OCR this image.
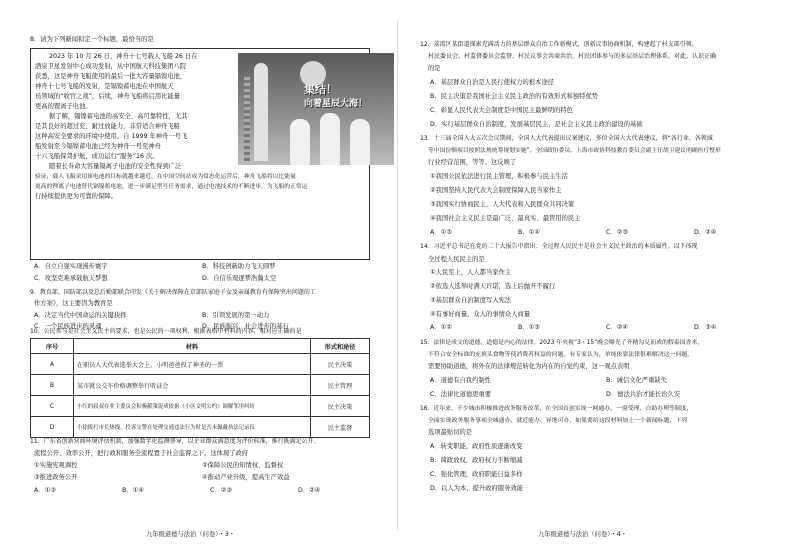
8．请为下列新闻拟定一个标题，最恰当的是
2023 年 10 月 26 日，神舟十七号载人飞船 26 日在
酒泉卫星发射中心成功发射，从中国航天科技集团八院
获悉，这是神舟飞船使用的最后一批大容量镉镍电池，
神舟十七号飞船的发射，是镉镍蓄电池在中国航天
员领域的“收官之战”，后续，神舟飞船将启用比能量
更高的锂离子电池。
据了解，镉镍蓄电池的高安全、高可靠特性，尤其
是其良好的超过充、耐过放能力，非常适合神舟飞船
这种高安全要求的环境中使用。自 1999 年神舟一号飞
船发射至今镉镍蓄电池已经为神舟一号至神舟
十六飞船保驾护航，成功运行“服务”16 次。
随着长寿命大容量镉离子电池的安全性得到广泛
验证，载人飞船采用该电池的目标就越来越近，在中国空间站成为常态化运营后，神舟飞船将以比能量
更高的锂离子电池替代镉镍蓄电池，进一步满足型号任务需求，通过电池技术的不断进步，为飞船的正常运
行持续提供更为可靠的保障。
集结！
向着星辰大海！
A．自立自强实现漫步寰宇	B．科技创新助力飞天圆梦
C．攻坚克难承载航天梦想	D．自信乐观逐梦浩瀚太空
9．教育部、国防部以及总后勤部联合印发《关于解决保障在京部队家庭子女及亲属教育有保障突出问题的工
作方案》，这主要因为教育是
A．决定当代中国命运的关键抉择	B．引领发展的第一动力
C．一个民族进步的灵魂	D．民族振兴，社会进步的基石
10．公民参与是社会主义民主的要求，也是公民的一项权利，根据表格中材料的内容，相对应正确的是
序号	材料	形式和途径
A	在职员人大代表选举大会上，小明爸爸投了神圣的一票	民主决策
B	某市就公交车价格调整举行听证会	民主管理
C	小红的叔叔在业主委员会积极献策促成依据《小区文明公约》调解邻里纠纷	民主决策
D	小徐拨打市长热线，投诉交警在处理交通违法行为时是否未佩戴执法记录仪	民主监督
11．广东省创新营商环境评估机制，加强数字化监测督导，以企业群众满意度为评价标准，推行既满足公开、
流程公开、效率公开，把行政和服务全流程置于社会监督之下。这体现了政府
①实施宪观调控	②保障公民的知情权、监督权
③推进政务公开	④推动产业升级，提高生产效益
A．①③	B．①④	C．②③	D．②④
九年级道德与法治（问卷）・3・
12．荔湾区某街道探索充满活力的基层群众自治工作新模式，创新议事协商机制，构建起了村支部引领、
村民委员会、村监督委员会监督、村民议事会共商共治，村民团体参与的多层基层治理体系。对此，认识正确
的是
A．基层群众自治是人民行使权力的根本途径
B．民主决策是我国社会主义民主政治的有效形式和独特优势
C．彰显人民代表大会制度是中国民主最鲜明的特色
D．实行基层群众自治制度，发展基层民主，是社会主义民主政治建设的基础
13．十三届全国人大五次会议期间，全国人大代表提出议案建议，多位全国人大代表建议，将“各行业、各领域
等中国份额项目按照法规统筹规划实施”。全国政协委员、上海市政协科技教育委员会副主任胡卫建议明确医疗整形
行业经营范围，等等。这反映了
①我国公民依法进行民主管理，积极参与民主生活
②我国坚持人民代表大会制度保障人民当家作主
③我国实行协商民主，人大代表和人民群众共同决策
④我国社会主义民主是最广泛、最真实、最管用的民主
A．①③	B．①④	C．②③	D．②④
14．习近平总书记在党的二十大报告中指出：全过程人民民主是社会主义民主政治的本质属性。以下体现
全过程人民民主的是
①人民至上，人人都当家作主
②依选人选举时满天许诺，选上后抛开不履行
③基层群众自治制度写入宪法
④有事好商量，众人的事情众人商量
A．①②	B．①③	C．②④	D．③④
15．法律是成文的道德，道德是内心的法律。2023 年央视“3・15”晚会曝光了齐精勾兑而成的假泰国香米，
不符合安全标准的充填头食物等使消费者权益的问题。有专家认为，单纯依靠法律很难解决这一问题，
需要协助道德，将外在的法律规范转化为内在的自觉约束，这一观点表明
A．道德有自我约制性	B．诚信文化严重缺失
C．法律比道德更重要	D．德法共治才能长治久安
16．近年来，不少城市积极推进政务服务改革，在全国首创实现一网通办、一窗受理、自助办理等制度，
全面实现政务服务事项全城通办、就近能办、异地可办，如果要给这段材料加上一个新闻标题，下列
选项最贴切的是
A．转变职能，政府性质逐渐改变
B．简政放权，政府权力不断缩减
C．强化管理，政府职能日益多样
D．以人为本，提升政府服务效能
九年级道德与法治（问卷）・4・
